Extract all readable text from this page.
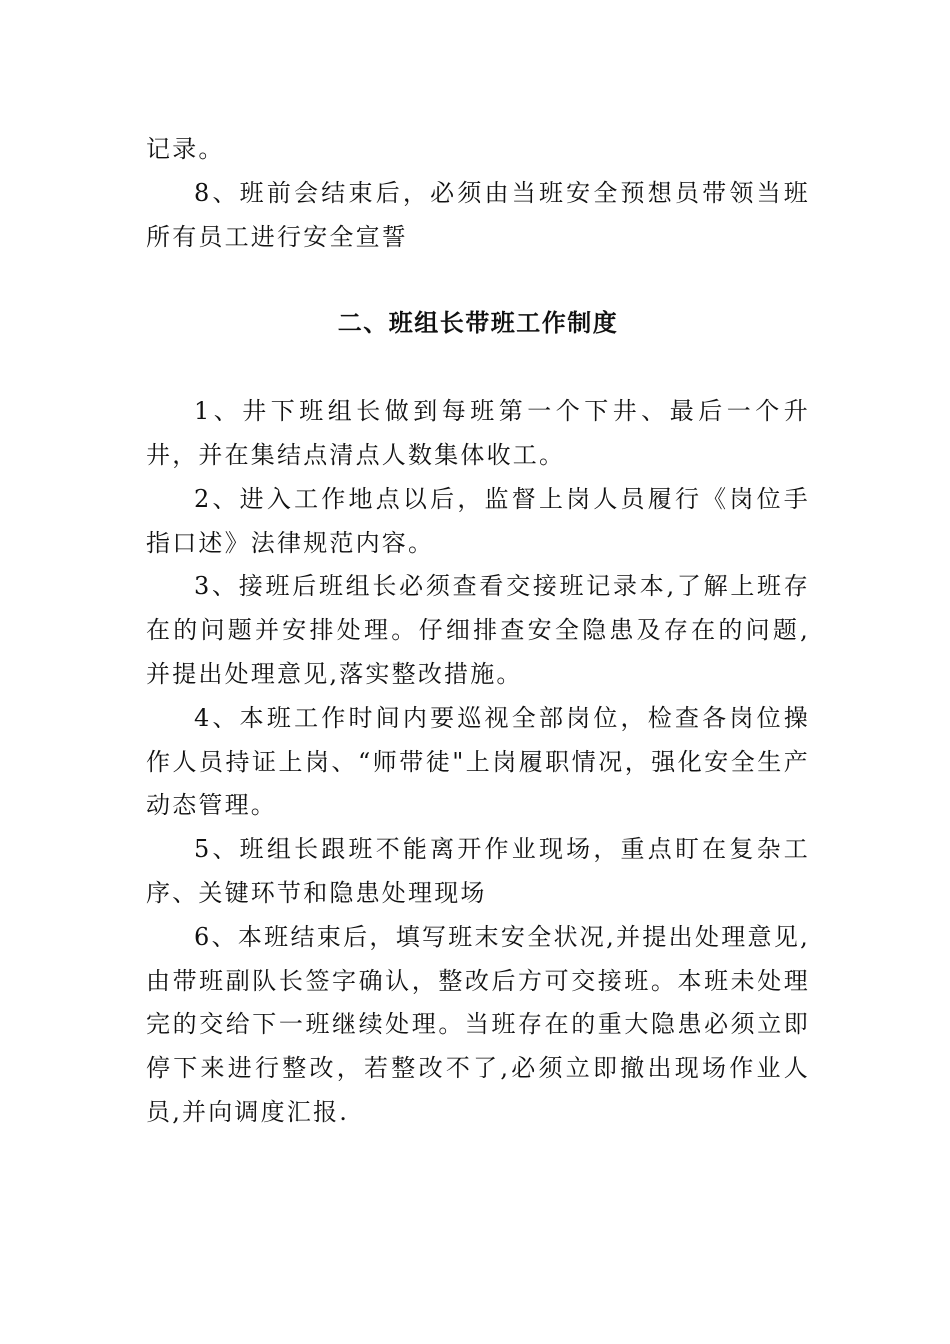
记录。

8、班前会结束后，必须由当班安全预想员带领当班所有员工进行安全宣誓

二、班组长带班工作制度

1、井下班组长做到每班第一个下井、最后一个升井，并在集结点清点人数集体收工。

2、进入工作地点以后，监督上岗人员履行《岗位手指口述》法律规范内容。

3、接班后班组长必须查看交接班记录本,了解上班存在的问题并安排处理。仔细排查安全隐患及存在的问题,并提出处理意见,落实整改措施。

4、本班工作时间内要巡视全部岗位，检查各岗位操作人员持证上岗、“师带徒"上岗履职情况，强化安全生产动态管理。

5、班组长跟班不能离开作业现场，重点盯在复杂工序、关键环节和隐患处理现场

6、本班结束后，填写班末安全状况,并提出处理意见,由带班副队长签字确认，整改后方可交接班。本班未处理完的交给下一班继续处理。当班存在的重大隐患必须立即停下来进行整改，若整改不了,必须立即撤出现场作业人员,并向调度汇报.
